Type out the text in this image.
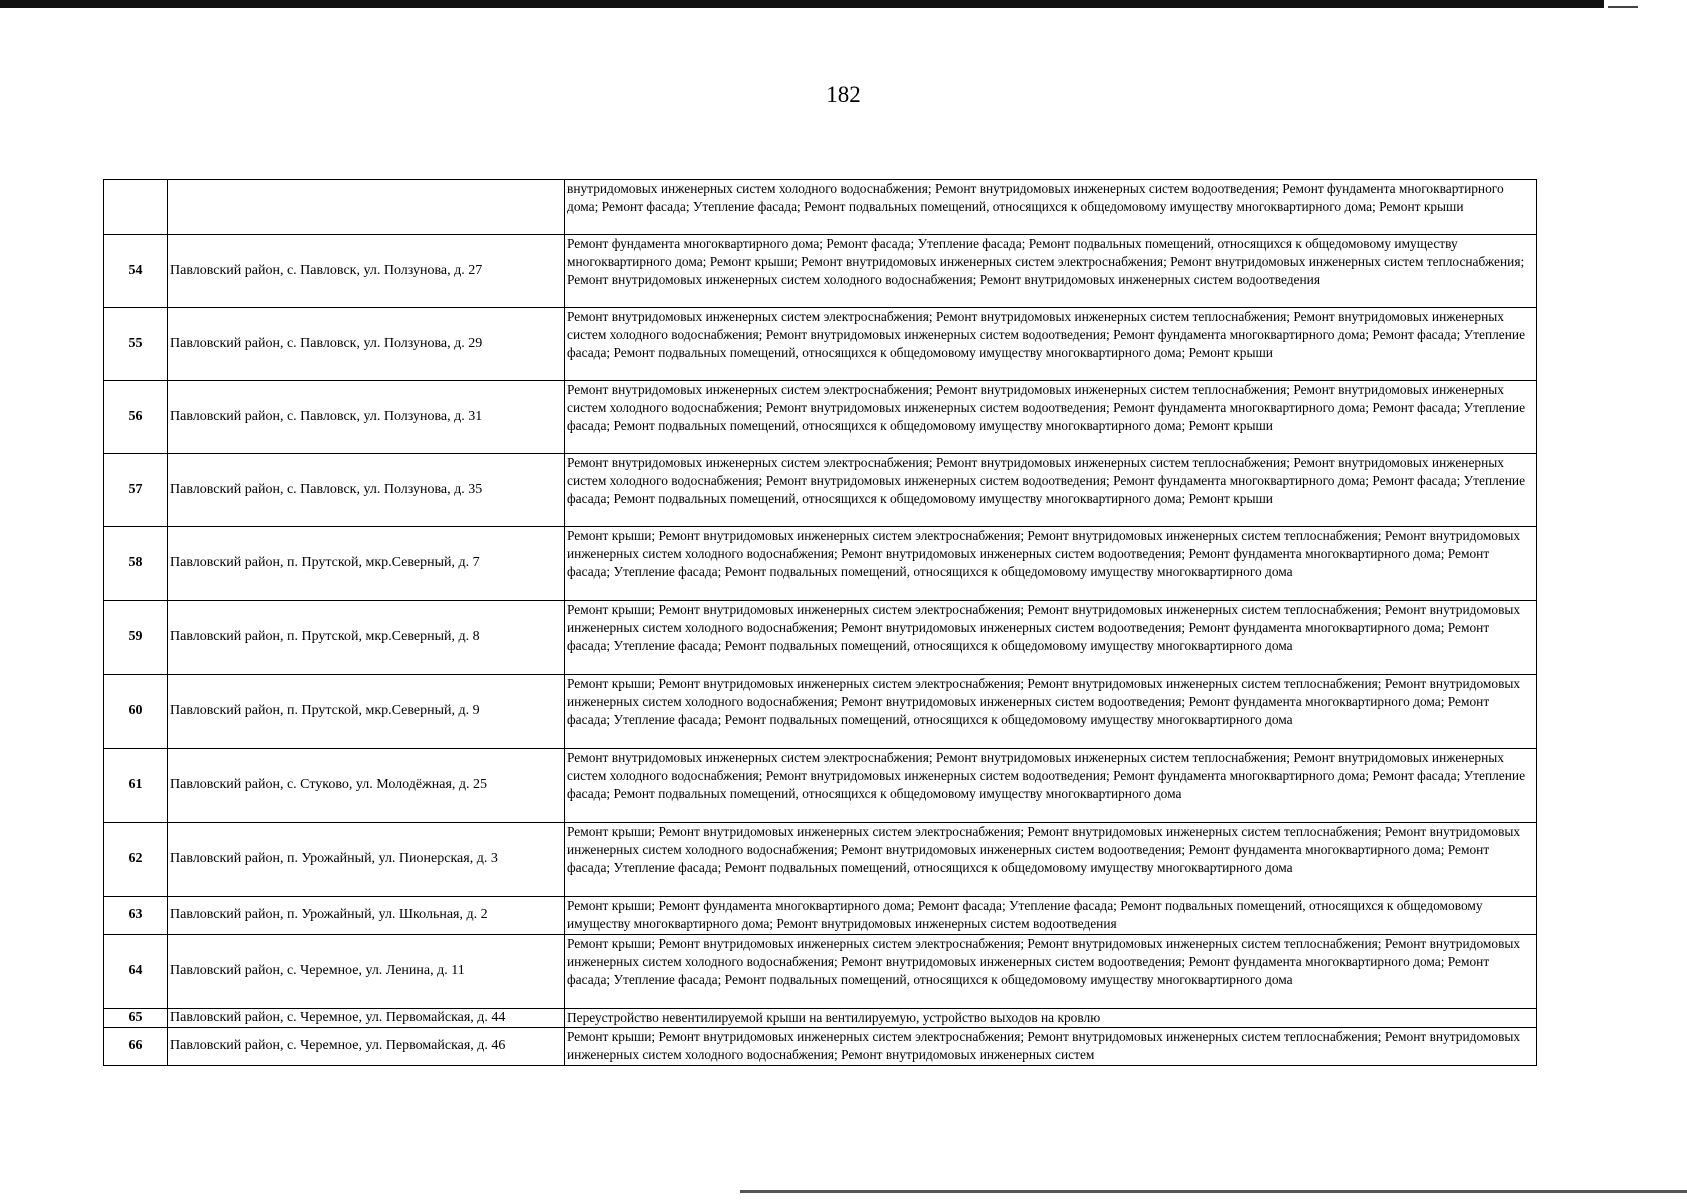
182
		внутридомовых инженерных систем холодного водоснабжения; Ремонт внутридомовых инженерных систем водоотведения; Ремонт фундамента многоквартирного дома; Ремонт фасада; Утепление фасада; Ремонт подвальных помещений, относящихся к общедомовому имуществу многоквартирного дома; Ремонт крыши
54	Павловский район, с. Павловск, ул. Ползунова, д. 27	Ремонт фундамента многоквартирного дома; Ремонт фасада; Утепление фасада; Ремонт подвальных помещений, относящихся к общедомовому имуществу многоквартирного дома; Ремонт крыши; Ремонт внутридомовых инженерных систем электроснабжения; Ремонт внутридомовых инженерных систем теплоснабжения; Ремонт внутридомовых инженерных систем холодного водоснабжения; Ремонт внутридомовых инженерных систем водоотведения
55	Павловский район, с. Павловск, ул. Ползунова, д. 29	Ремонт внутридомовых инженерных систем электроснабжения; Ремонт внутридомовых инженерных систем теплоснабжения; Ремонт внутридомовых инженерных систем холодного водоснабжения; Ремонт внутридомовых инженерных систем водоотведения; Ремонт фундамента многоквартирного дома; Ремонт фасада; Утепление фасада; Ремонт подвальных помещений, относящихся к общедомовому имуществу многоквартирного дома; Ремонт крыши
56	Павловский район, с. Павловск, ул. Ползунова, д. 31	Ремонт внутридомовых инженерных систем электроснабжения; Ремонт внутридомовых инженерных систем теплоснабжения; Ремонт внутридомовых инженерных систем холодного водоснабжения; Ремонт внутридомовых инженерных систем водоотведения; Ремонт фундамента многоквартирного дома; Ремонт фасада; Утепление фасада; Ремонт подвальных помещений, относящихся к общедомовому имуществу многоквартирного дома; Ремонт крыши
57	Павловский район, с. Павловск, ул. Ползунова, д. 35	Ремонт внутридомовых инженерных систем электроснабжения; Ремонт внутридомовых инженерных систем теплоснабжения; Ремонт внутридомовых инженерных систем холодного водоснабжения; Ремонт внутридомовых инженерных систем водоотведения; Ремонт фундамента многоквартирного дома; Ремонт фасада; Утепление фасада; Ремонт подвальных помещений, относящихся к общедомовому имуществу многоквартирного дома; Ремонт крыши
58	Павловский район, п. Прутской, мкр.Северный, д. 7	Ремонт крыши; Ремонт внутридомовых инженерных систем электроснабжения; Ремонт внутридомовых инженерных систем теплоснабжения; Ремонт внутридомовых инженерных систем холодного водоснабжения; Ремонт внутридомовых инженерных систем водоотведения; Ремонт фундамента многоквартирного дома; Ремонт фасада; Утепление фасада; Ремонт подвальных помещений, относящихся к общедомовому имуществу многоквартирного дома
59	Павловский район, п. Прутской, мкр.Северный, д. 8	Ремонт крыши; Ремонт внутридомовых инженерных систем электроснабжения; Ремонт внутридомовых инженерных систем теплоснабжения; Ремонт внутридомовых инженерных систем холодного водоснабжения; Ремонт внутридомовых инженерных систем водоотведения; Ремонт фундамента многоквартирного дома; Ремонт фасада; Утепление фасада; Ремонт подвальных помещений, относящихся к общедомовому имуществу многоквартирного дома
60	Павловский район, п. Прутской, мкр.Северный, д. 9	Ремонт крыши; Ремонт внутридомовых инженерных систем электроснабжения; Ремонт внутридомовых инженерных систем теплоснабжения; Ремонт внутридомовых инженерных систем холодного водоснабжения; Ремонт внутридомовых инженерных систем водоотведения; Ремонт фундамента многоквартирного дома; Ремонт фасада; Утепление фасада; Ремонт подвальных помещений, относящихся к общедомовому имуществу многоквартирного дома
61	Павловский район, с. Стуково, ул. Молодёжная, д. 25	Ремонт внутридомовых инженерных систем электроснабжения; Ремонт внутридомовых инженерных систем теплоснабжения; Ремонт внутридомовых инженерных систем холодного водоснабжения; Ремонт внутридомовых инженерных систем водоотведения; Ремонт фундамента многоквартирного дома; Ремонт фасада; Утепление фасада; Ремонт подвальных помещений, относящихся к общедомовому имуществу многоквартирного дома
62	Павловский район, п. Урожайный, ул. Пионерская, д. 3	Ремонт крыши; Ремонт внутридомовых инженерных систем электроснабжения; Ремонт внутридомовых инженерных систем теплоснабжения; Ремонт внутридомовых инженерных систем холодного водоснабжения; Ремонт внутридомовых инженерных систем водоотведения; Ремонт фундамента многоквартирного дома; Ремонт фасада; Утепление фасада; Ремонт подвальных помещений, относящихся к общедомовому имуществу многоквартирного дома
63	Павловский район, п. Урожайный, ул. Школьная, д. 2	Ремонт крыши; Ремонт фундамента многоквартирного дома; Ремонт фасада; Утепление фасада; Ремонт подвальных помещений, относящихся к общедомовому имуществу многоквартирного дома; Ремонт внутридомовых инженерных систем водоотведения
64	Павловский район, с. Черемное, ул. Ленина, д. 11	Ремонт крыши; Ремонт внутридомовых инженерных систем электроснабжения; Ремонт внутридомовых инженерных систем теплоснабжения; Ремонт внутридомовых инженерных систем холодного водоснабжения; Ремонт внутридомовых инженерных систем водоотведения; Ремонт фундамента многоквартирного дома; Ремонт фасада; Утепление фасада; Ремонт подвальных помещений, относящихся к общедомовому имуществу многоквартирного дома
65	Павловский район, с. Черемное, ул. Первомайская, д. 44	Переустройство невентилируемой крыши на вентилируемую, устройство выходов на кровлю
66	Павловский район, с. Черемное, ул. Первомайская, д. 46	Ремонт крыши; Ремонт внутридомовых инженерных систем электроснабжения; Ремонт внутридомовых инженерных систем теплоснабжения; Ремонт внутридомовых инженерных систем холодного водоснабжения; Ремонт внутридомовых инженерных систем
